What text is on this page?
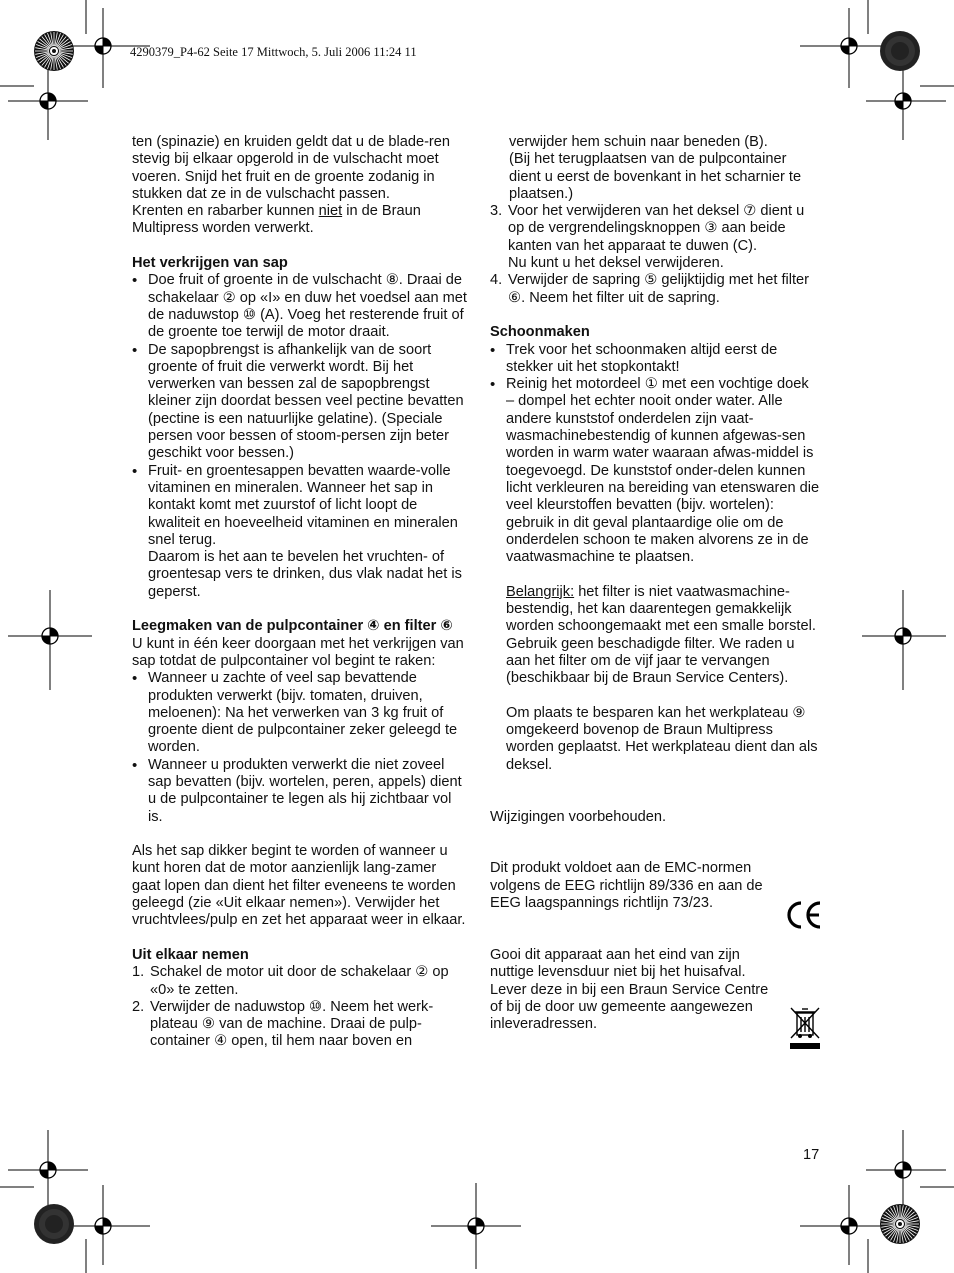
4290379_P4-62 Seite 17 Mittwoch, 5. Juli 2006 11:24 11

ten (spinazie) en kruiden geldt dat u de blade-ren stevig bij elkaar opgerold in de vulschacht moet voeren. Snijd het fruit en de groente zodanig in stukken dat ze in de vulschacht passen.

Krenten en rabarber kunnen niet in de Braun Multipress worden verwerkt.

Het verkrijgen van sap

• Doe fruit of groente in de vulschacht ⑧. Draai de schakelaar ② op «I» en duw het voedsel aan met de naduwstop ⑩ (A). Voeg het resterende fruit of de groente toe terwijl de motor draait.
• De sapopbrengst is afhankelijk van de soort groente of fruit die verwerkt wordt. Bij het verwerken van bessen zal de sapopbrengst kleiner zijn doordat bessen veel pectine bevatten (pectine is een natuurlijke gelatine). (Speciale persen voor bessen of stoom-persen zijn beter geschikt voor bessen.)
• Fruit- en groentesappen bevatten waarde-volle vitaminen en mineralen. Wanneer het sap in kontakt komt met zuurstof of licht loopt de kwaliteit en hoeveelheid vitaminen en mineralen snel terug.
Daarom is het aan te bevelen het vruchten- of groentesap vers te drinken, dus vlak nadat het is geperst.

Leegmaken van de pulpcontainer ④ en filter ⑥

U kunt in één keer doorgaan met het verkrijgen van sap totdat de pulpcontainer vol begint te raken:

• Wanneer u zachte of veel sap bevattende produkten verwerkt (bijv. tomaten, druiven, meloenen): Na het verwerken van 3 kg fruit of groente dient de pulpcontainer zeker geleegd te worden.
• Wanneer u produkten verwerkt die niet zoveel sap bevatten (bijv. wortelen, peren, appels) dient u de pulpcontainer te legen als hij zichtbaar vol is.

Als het sap dikker begint te worden of wanneer u kunt horen dat de motor aanzienlijk lang-zamer gaat lopen dan dient het filter eveneens te worden geleegd (zie «Uit elkaar nemen»). Verwijder het vruchtvlees/pulp en zet het apparaat weer in elkaar.

Uit elkaar nemen

1. Schakel de motor uit door de schakelaar ② op «0» te zetten.
2. Verwijder de naduwstop ⑩. Neem het werk-plateau ⑨ van de machine. Draai de pulp-container ④ open, til hem naar boven en

verwijder hem schuin naar beneden (B).

(Bij het terugplaatsen van de pulpcontainer dient u eerst de bovenkant in het scharnier te plaatsen.)

3. Voor het verwijderen van het deksel ⑦ dient u op de vergrendelingsknoppen ③ aan beide kanten van het apparaat te duwen (C).
Nu kunt u het deksel verwijderen.
4. Verwijder de sapring ⑤ gelijktijdig met het filter ⑥. Neem het filter uit de sapring.

Schoonmaken

• Trek voor het schoonmaken altijd eerst de stekker uit het stopkontakt!
• Reinig het motordeel ① met een vochtige doek – dompel het echter nooit onder water. Alle andere kunststof onderdelen zijn vaat-wasmachinebestendig of kunnen afgewas-sen worden in warm water waaraan afwas-middel is toegevoegd. De kunststof onder-delen kunnen licht verkleuren na bereiding van etenswaren die veel kleurstoffen bevatten (bijv. wortelen): gebruik in dit geval plantaardige olie om de onderdelen schoon te maken alvorens ze in de vaatwasmachine te plaatsen.

Belangrijk: het filter is niet vaatwasmachine-bestendig, het kan daarentegen gemakkelijk worden schoongemaakt met een smalle borstel. Gebruik geen beschadigde filter. We raden u aan het filter om de vijf jaar te vervangen (beschikbaar bij de Braun Service Centers).

Om plaats te besparen kan het werkplateau ⑨ omgekeerd bovenop de Braun Multipress worden geplaatst. Het werkplateau dient dan als deksel.

Wijzigingen voorbehouden.

Dit produkt voldoet aan de EMC-normen volgens de EEG richtlijn 89/336 en aan de EEG laagspannings richtlijn 73/23.

Gooi dit apparaat aan het eind van zijn nuttige levensduur niet bij het huisafval. Lever deze in bij een Braun Service Centre of bij de door uw gemeente aangewezen inleveradressen.

17
